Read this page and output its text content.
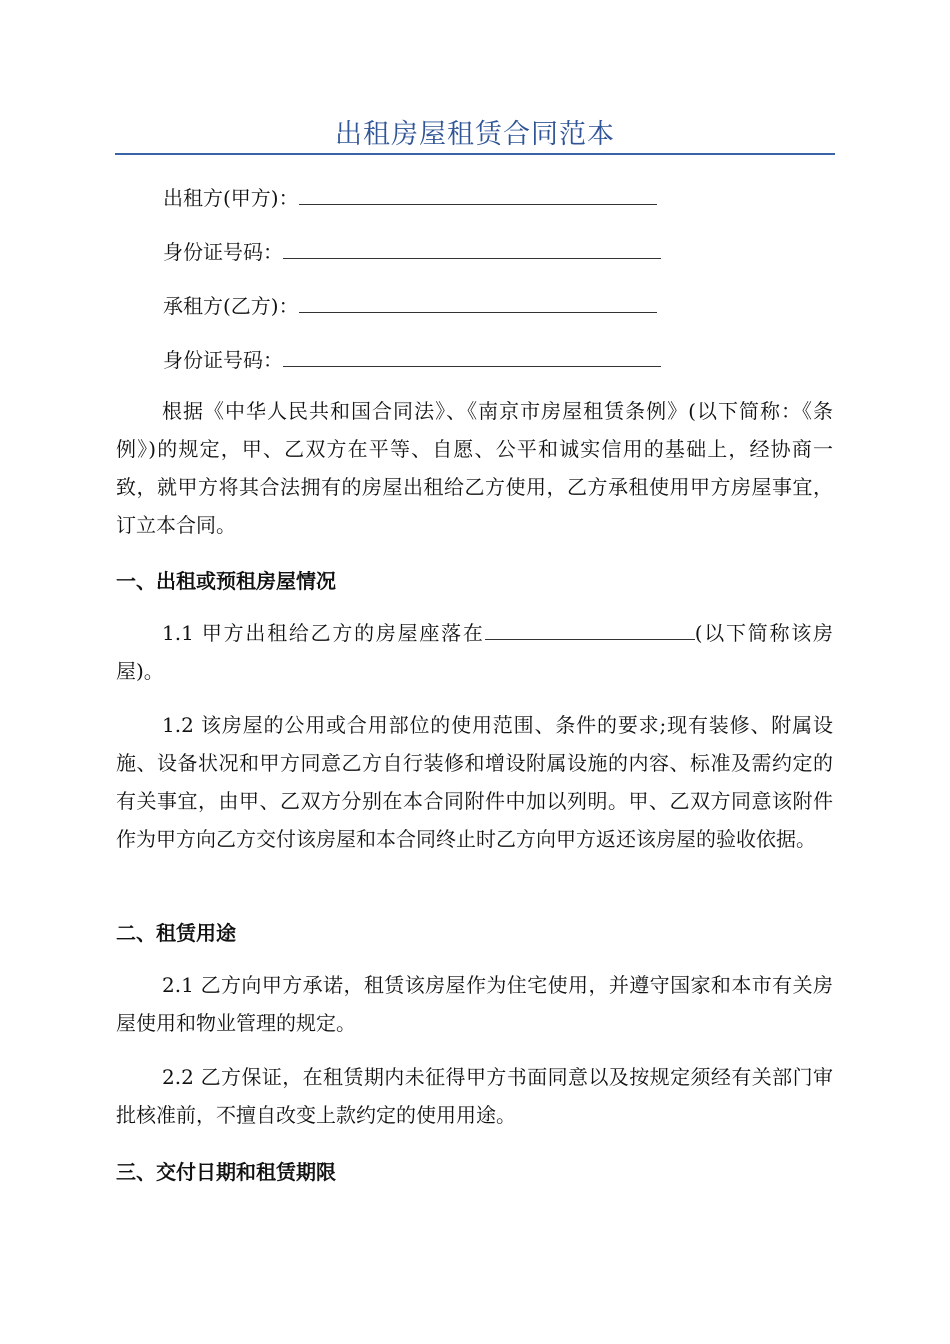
出租房屋租赁合同范本
出租方(甲方)：
身份证号码：
承租方(乙方)：
身份证号码：

根据《中华人民共和国合同法》、《南京市房屋租赁条例》(以下简称：《条例》)的规定，甲、乙双方在平等、自愿、公平和诚实信用的基础上，经协商一致，就甲方将其合法拥有的房屋出租给乙方使用，乙方承租使用甲方房屋事宜，订立本合同。

一、出租或预租房屋情况

1.1 甲方出租给乙方的房屋座落在	(以下简称该房屋)。

1.2 该房屋的公用或合用部位的使用范围、条件的要求;现有装修、附属设施、设备状况和甲方同意乙方自行装修和增设附属设施的内容、标准及需约定的有关事宜，由甲、乙双方分别在本合同附件中加以列明。甲、乙双方同意该附件作为甲方向乙方交付该房屋和本合同终止时乙方向甲方返还该房屋的验收依据。

二、租赁用途

2.1 乙方向甲方承诺，租赁该房屋作为住宅使用，并遵守国家和本市有关房屋使用和物业管理的规定。

2.2 乙方保证，在租赁期内未征得甲方书面同意以及按规定须经有关部门审批核准前，不擅自改变上款约定的使用用途。

三、交付日期和租赁期限
